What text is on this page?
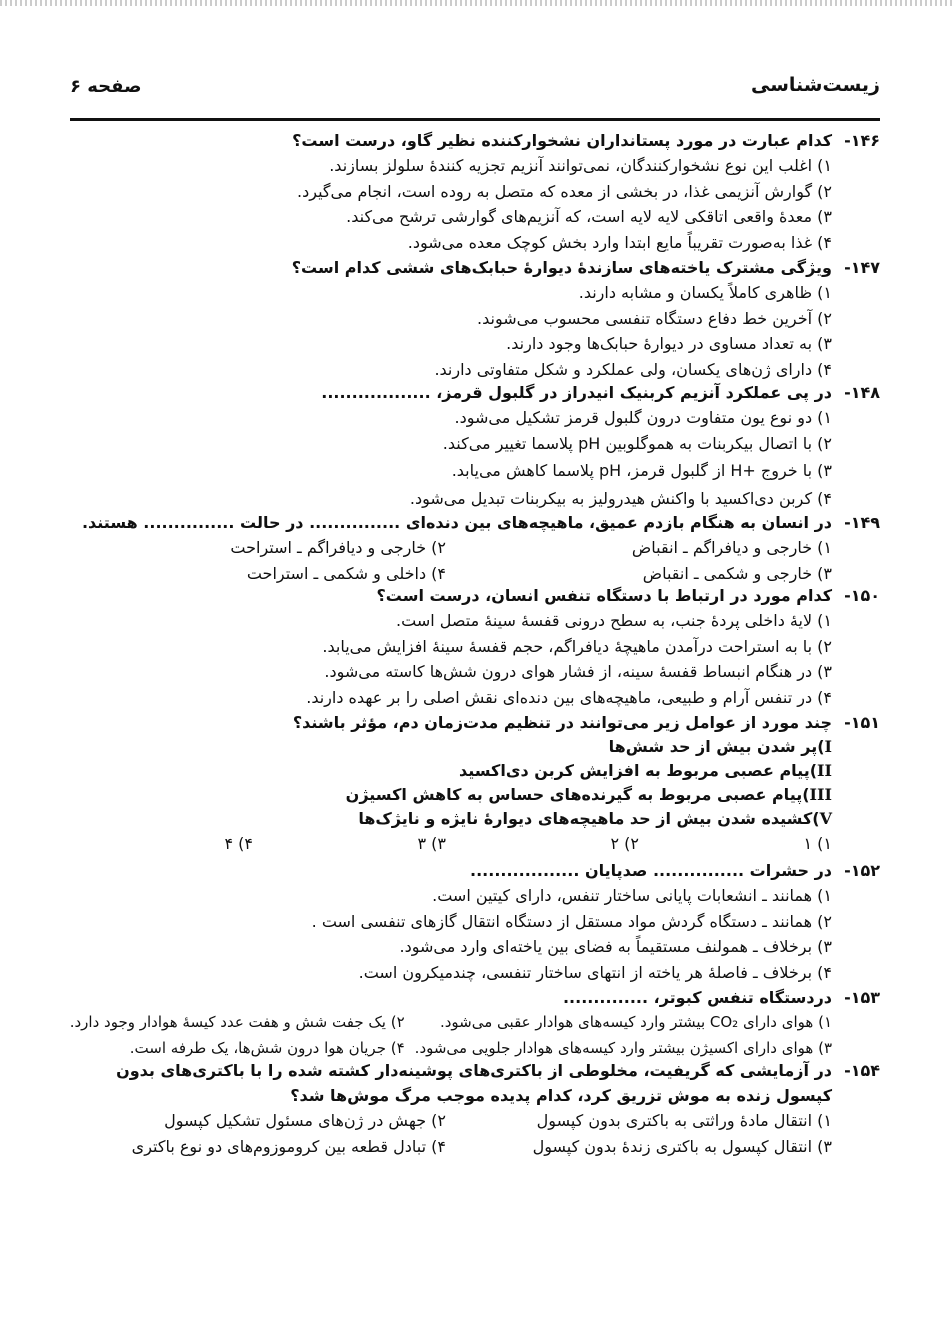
زیست‌شناسی
صفحه ۶
۱۴۶-
کدام عبارت در مورد پستانداران نشخوارکننده نظیر گاو، درست است؟
۱) اغلب این نوع نشخوارکنندگان، نمی‌توانند آنزیم تجزیه کنندهٔ سلولز بسازند.
۲) گوارش آنزیمی غذا، در بخشی از معده که متصل به روده است، انجام می‌گیرد.
۳) معدهٔ واقعی اتاقکی لایه لایه است، که آنزیم‌های گوارشی ترشح می‌کند.
۴) غذا به‌صورت تقریباً مایع ابتدا وارد بخش کوچک معده می‌شود.
۱۴۷-
ویژگی مشترک یاخته‌های سازندهٔ دیوارهٔ حبابک‌های ششی کدام است؟
۱) ظاهری کاملاً یکسان و مشابه دارند.
۲) آخرین خط دفاع دستگاه تنفسی محسوب می‌شوند.
۳) به تعداد مساوی در دیوارهٔ حبابک‌ها وجود دارند.
۴) دارای ژن‌های یکسان، ولی عملکرد و شکل متفاوتی دارند.
۱۴۸-
در پی عملکرد آنزیم کربنیک انیدراز در گلبول قرمز، ..................
۱) دو نوع یون متفاوت درون گلبول قرمز تشکیل می‌شود.
۲) با اتصال بیکربنات به هموگلوبین pH پلاسما تغییر می‌کند.
۳) با خروج +H از گلبول قرمز، pH پلاسما کاهش می‌یابد.
۴) کربن دی‌اکسید با واکنش هیدرولیز به بیکربنات تبدیل می‌شود.
۱۴۹-
در انسان به هنگام بازدم عمیق، ماهیچه‌های بین دنده‌ای ............... در حالت ............... هستند.
۱) خارجی و دیافراگم ـ انقباض
۲) خارجی و دیافراگم ـ استراحت
۳) خارجی و شکمی ـ انقباض
۴) داخلی و شکمی ـ استراحت
۱۵۰-
کدام مورد در ارتباط با دستگاه تنفس انسان، درست است؟
۱) لایهٔ داخلی پردهٔ جنب، به سطح درونی قفسهٔ سینهٔ متصل است.
۲) با به استراحت درآمدن ماهیچهٔ دیافراگم، حجم قفسهٔ سینهٔ افزایش می‌یابد.
۳) در هنگام انبساط قفسهٔ سینه، از فشار هوای درون شش‌ها کاسته می‌شود.
۴) در تنفس آرام و طبیعی، ماهیچه‌های بین دنده‌ای نقش اصلی را بر عهده دارند.
۱۵۱-
چند مورد از عوامل زیر می‌توانند در تنظیم مدت‌زمان دم، مؤثر باشند؟
I)پر شدن بیش از حد شش‌ها
II)پیام عصبی مربوط به افزایش کربن دی‌اکسید
III)پیام عصبی مربوط به گیرنده‌های حساس به کاهش اکسیژن
V)کشیده شدن بیش از حد ماهیچه‌های دیوارهٔ نایژه و نایژک‌ها
۱) ۱
۲) ۲
۳) ۳
۴) ۴
۱۵۲-
در حشرات ............... صدپایان ..................
۱) همانند ـ انشعابات پایانی ساختار تنفس، دارای کیتین است.
۲) همانند ـ دستگاه گردش مواد مستقل از دستگاه انتقال گازهای تنفسی است .
۳) برخلاف ـ همولنف مستقیماً به فضای بین یاخته‌ای وارد می‌شود.
۴) برخلاف ـ فاصلهٔ هر یاخته از انتهای ساختار تنفسی، چندمیکرون است.
۱۵۳-
دردستگاه تنفس کبوتر، ..............
۱) هوای دارای CO₂ بیشتر وارد کیسه‌های هوادار عقبی می‌شود.
۲) یک جفت شش و هفت عدد کیسهٔ هوادار وجود دارد.
۳) هوای دارای اکسیژن بیشتر وارد کیسه‌های هوادار جلویی می‌شود.
۴) جریان هوا درون شش‌ها، یک طرفه است.
۱۵۴-
در آزمایشی که گریفیت، مخلوطی از باکتری‌های پوشینه‌دار کشته شده را با باکتری‌های بدون کپسول زنده به موش تزریق کرد، کدام پدیده موجب مرگ موش‌ها شد؟
۱) انتقال مادهٔ وراثتی به باکتری بدون کپسول
۲) جهش در ژن‌های مسئول تشکیل کپسول
۳) انتقال کپسول به باکتری زندهٔ بدون کپسول
۴) تبادل قطعه بین کروموزوم‌های دو نوع باکتری
